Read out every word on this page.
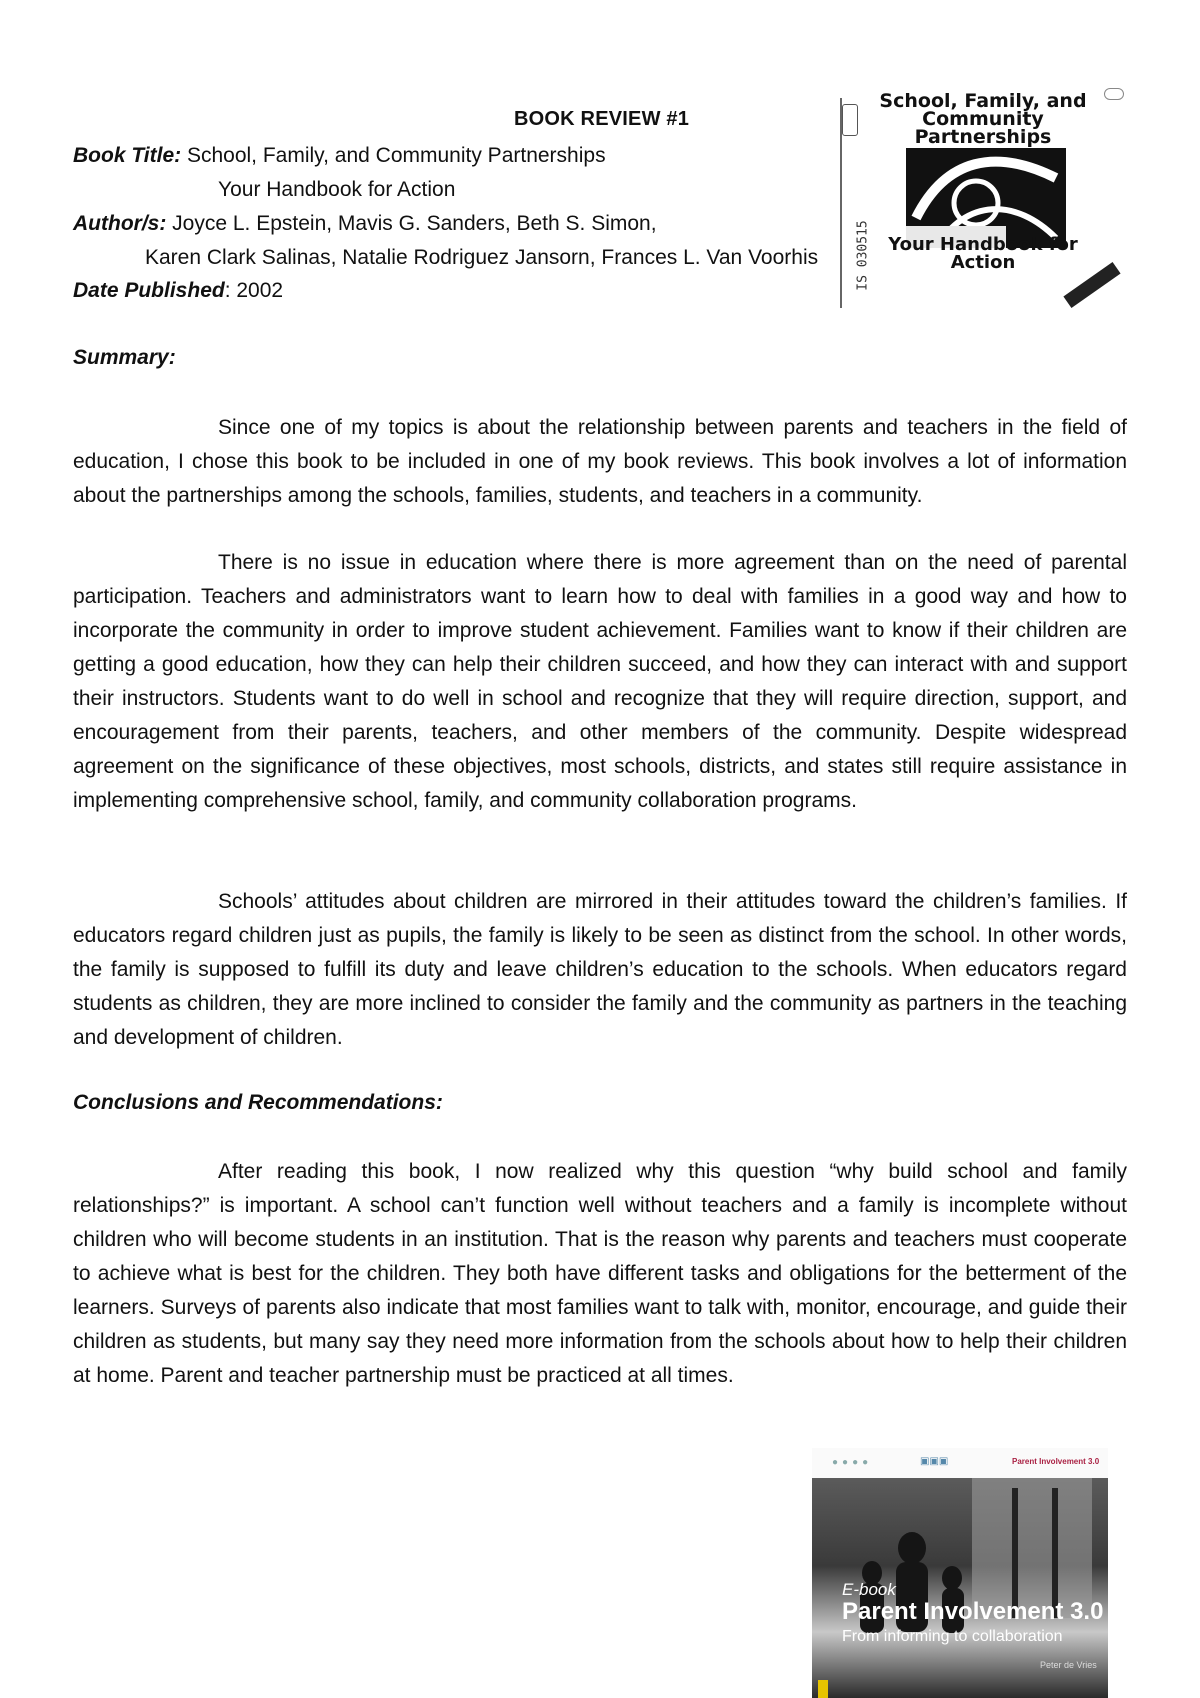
BOOK REVIEW #1
Book Title: School, Family, and Community Partnerships
Your Handbook for Action
Author/s: Joyce L. Epstein, Mavis G. Sanders, Beth S. Simon,
Karen Clark Salinas, Natalie Rodriguez Jansorn, Frances L. Van Voorhis
Date Published: 2002	IS 030515
School, Family, and Community Partnerships
Your Handbook for Action
Summary:

Since one of my topics is about the relationship between parents and teachers in the field of education, I chose this book to be included in one of my book reviews. This book involves a lot of information about the partnerships among the schools, families, students, and teachers in a community.

There is no issue in education where there is more agreement than on the need of parental participation. Teachers and administrators want to learn how to deal with families in a good way and how to incorporate the community in order to improve student achievement. Families want to know if their children are getting a good education, how they can help their children succeed, and how they can interact with and support their instructors. Students want to do well in school and recognize that they will require direction, support, and encouragement from their parents, teachers, and other members of the community. Despite widespread agreement on the significance of these objectives, most schools, districts, and states still require assistance in implementing comprehensive school, family, and community collaboration programs.

Schools’ attitudes about children are mirrored in their attitudes toward the children’s families. If educators regard children just as pupils, the family is likely to be seen as distinct from the school. In other words, the family is supposed to fulfill its duty and leave children’s education to the schools. When educators regard students as children, they are more inclined to consider the family and the community as partners in the teaching and development of children.

Conclusions and Recommendations:

After reading this book, I now realized why this question “why build school and family relationships?” is important. A school can’t function well without teachers and a family is incomplete without children who will become students in an institution. That is the reason why parents and teachers must cooperate to achieve what is best for the children. They both have different tasks and obligations for the betterment of the learners. Surveys of parents also indicate that most families want to talk with, monitor, encourage, and guide their children as students, but many say they need more information from the schools about how to help their children at home. Parent and teacher partnership must be practiced at all times.

●●●●	▣▣▣	Parent Involvement 3.0
E-book
Parent Involvement 3.0
From informing to collaboration
Peter de Vries
